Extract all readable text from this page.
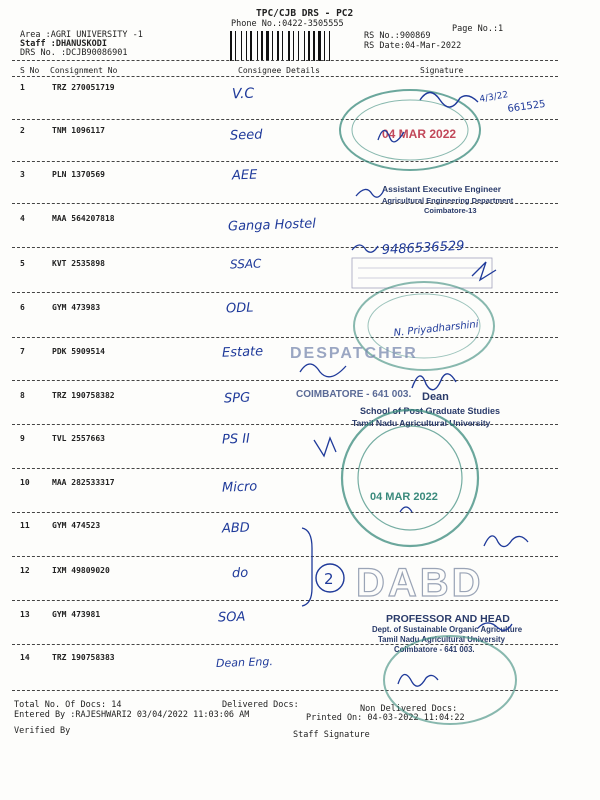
TPC/CJB DRS - PC2
Phone No.:0422-3505555	Page No.:1
Area :AGRI UNIVERSITY -1
Staff :DHANUSKODI
DRS No. :DCJB90086901
RS No.:900869
RS Date:04-Mar-2022
S No Consignment No	Consignee Details	Signature
1	TRZ 270051719	V.C
2	TNM 1096117	Seed
3	PLN 1370569	AEE
4	MAA 564207818	Ganga Hostel
5	KVT 2535898	SSAC
6	GYM 473983	ODL
7	PDK 5909514	Estate
8	TRZ 190758382	SPG
9	TVL 2557663	PS II
10	MAA 282533317	Micro
11	GYM 474523	ABD
12	IXM 49809020	do
13	GYM 473981	SOA
14	TRZ 190758383	Dean Eng.
Total No. Of Docs: 14	Delivered Docs:	Non Delivered Docs:
Entered By :RAJESHWARI2 03/04/2022 11:03:06 AM	Printed On: 04-03-2022 11:04:22
Verified By	Staff Signature
04 MAR 2022
4/3/22
661525
Assistant Executive Engineer
Agricultural Engineering Department
Coimbatore-13
9486536529
N. Priyadharshini
DESPATCHER
COIMBATORE - 641 003. Dean
School of Post Graduate Studies
Tamil Nadu Agricultural University
04 MAR 2022
2 DABD
PROFESSOR AND HEAD
Dept. of Sustainable Organic Agriculture
Tamil Nadu Agricultural University
Coimbatore - 641 003.
